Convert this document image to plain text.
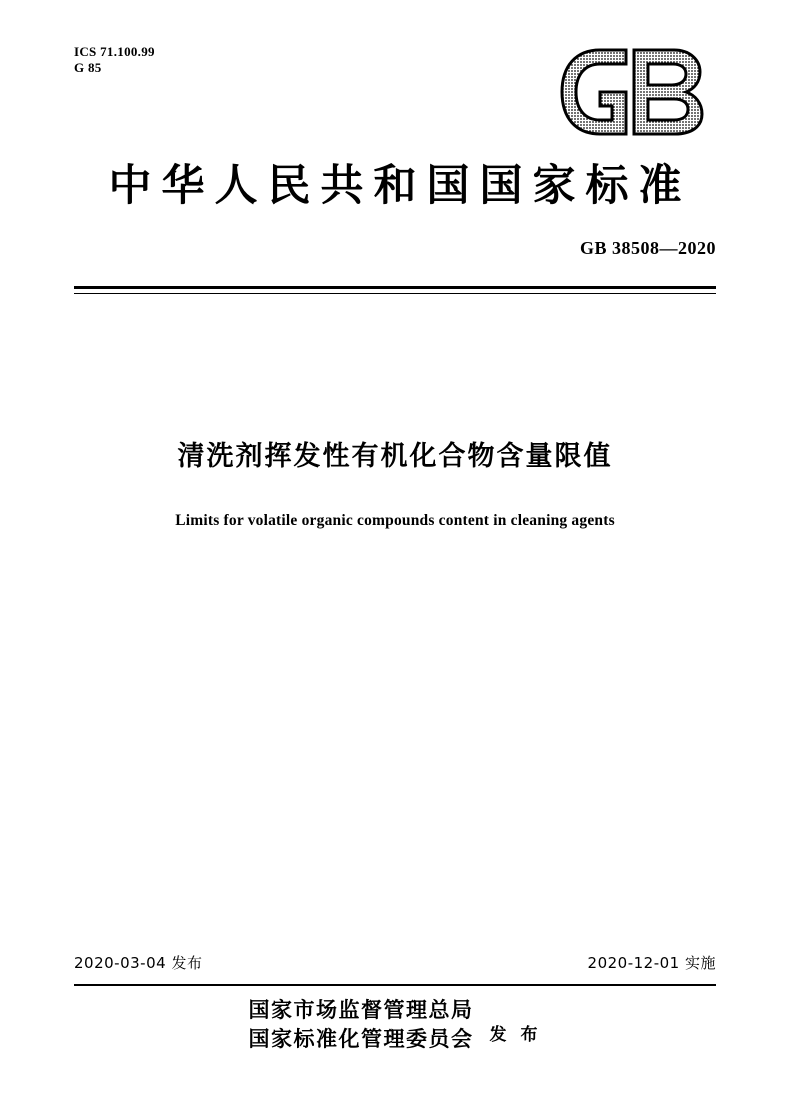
ICS 71.100.99
G 85
中华人民共和国国家标准
GB 38508—2020
清洗剂挥发性有机化合物含量限值
Limits for volatile organic compounds content in cleaning agents
2020-03-04 发布	2020-12-01 实施
国家市场监督管理总局
国家标准化管理委员会 发 布
